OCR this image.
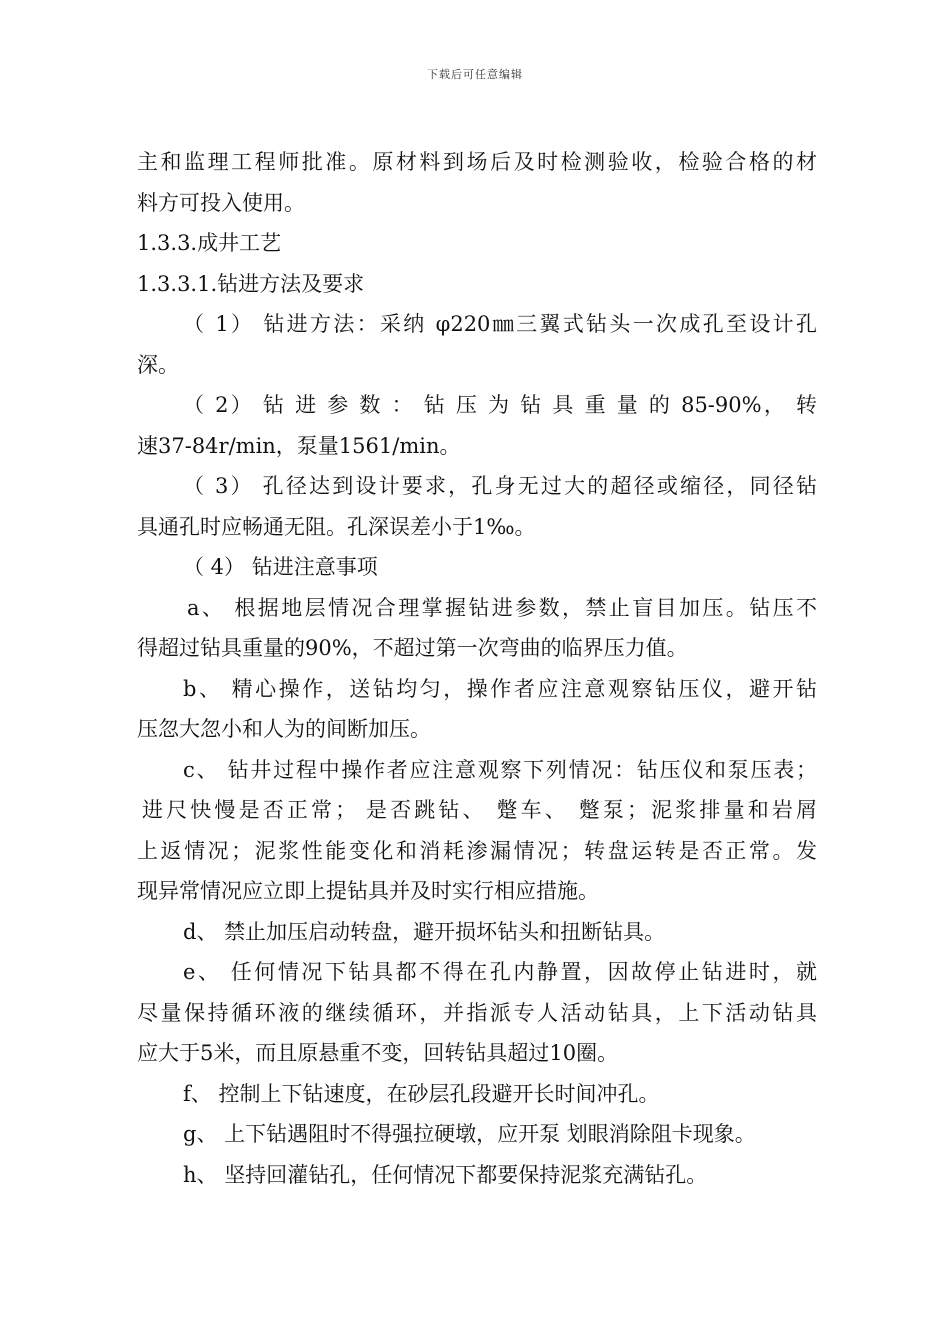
下载后可任意编辑
主和监理工程师批准。原材料到场后及时检测验收，检验合格的材
料方可投入使用。
1.3.3.成井工艺
1.3.3.1.钻进方法及要求
（ 1） 钻进方法：采纳 φ220㎜三翼式钻头一次成孔至设计孔
深。
（ 2） 钻 进 参 数 ： 钻 压 为 钻 具 重 量 的 85-90%， 转
速37-84r/min，泵量1561/min。
（ 3） 孔径达到设计要求，孔身无过大的超径或缩径，同径钻
具通孔时应畅通无阻。孔深误差小于1‰。
（ 4） 钻进注意事项
a、 根据地层情况合理掌握钻进参数，禁止盲目加压。钻压不
得超过钻具重量的90%，不超过第一次弯曲的临界压力值。
b、 精心操作，送钻均匀，操作者应注意观察钻压仪，避开钻
压忽大忽小和人为的间断加压。
c、 钻井过程中操作者应注意观察下列情况：钻压仪和泵压表；
进尺快慢是否正常； 是否跳钻、 蹩车、 蹩泵；泥浆排量和岩屑
上返情况；泥浆性能变化和消耗渗漏情况；转盘运转是否正常。发
现异常情况应立即上提钻具并及时实行相应措施。
d、 禁止加压启动转盘，避开损坏钻头和扭断钻具。
e、 任何情况下钻具都不得在孔内静置，因故停止钻进时，就
尽量保持循环液的继续循环，并指派专人活动钻具，上下活动钻具
应大于5米，而且原悬重不变，回转钻具超过10圈。
f、 控制上下钻速度，在砂层孔段避开长时间冲孔。
g、 上下钻遇阻时不得强拉硬墩，应开泵 划眼消除阻卡现象。
h、 坚持回灌钻孔，任何情况下都要保持泥浆充满钻孔。
